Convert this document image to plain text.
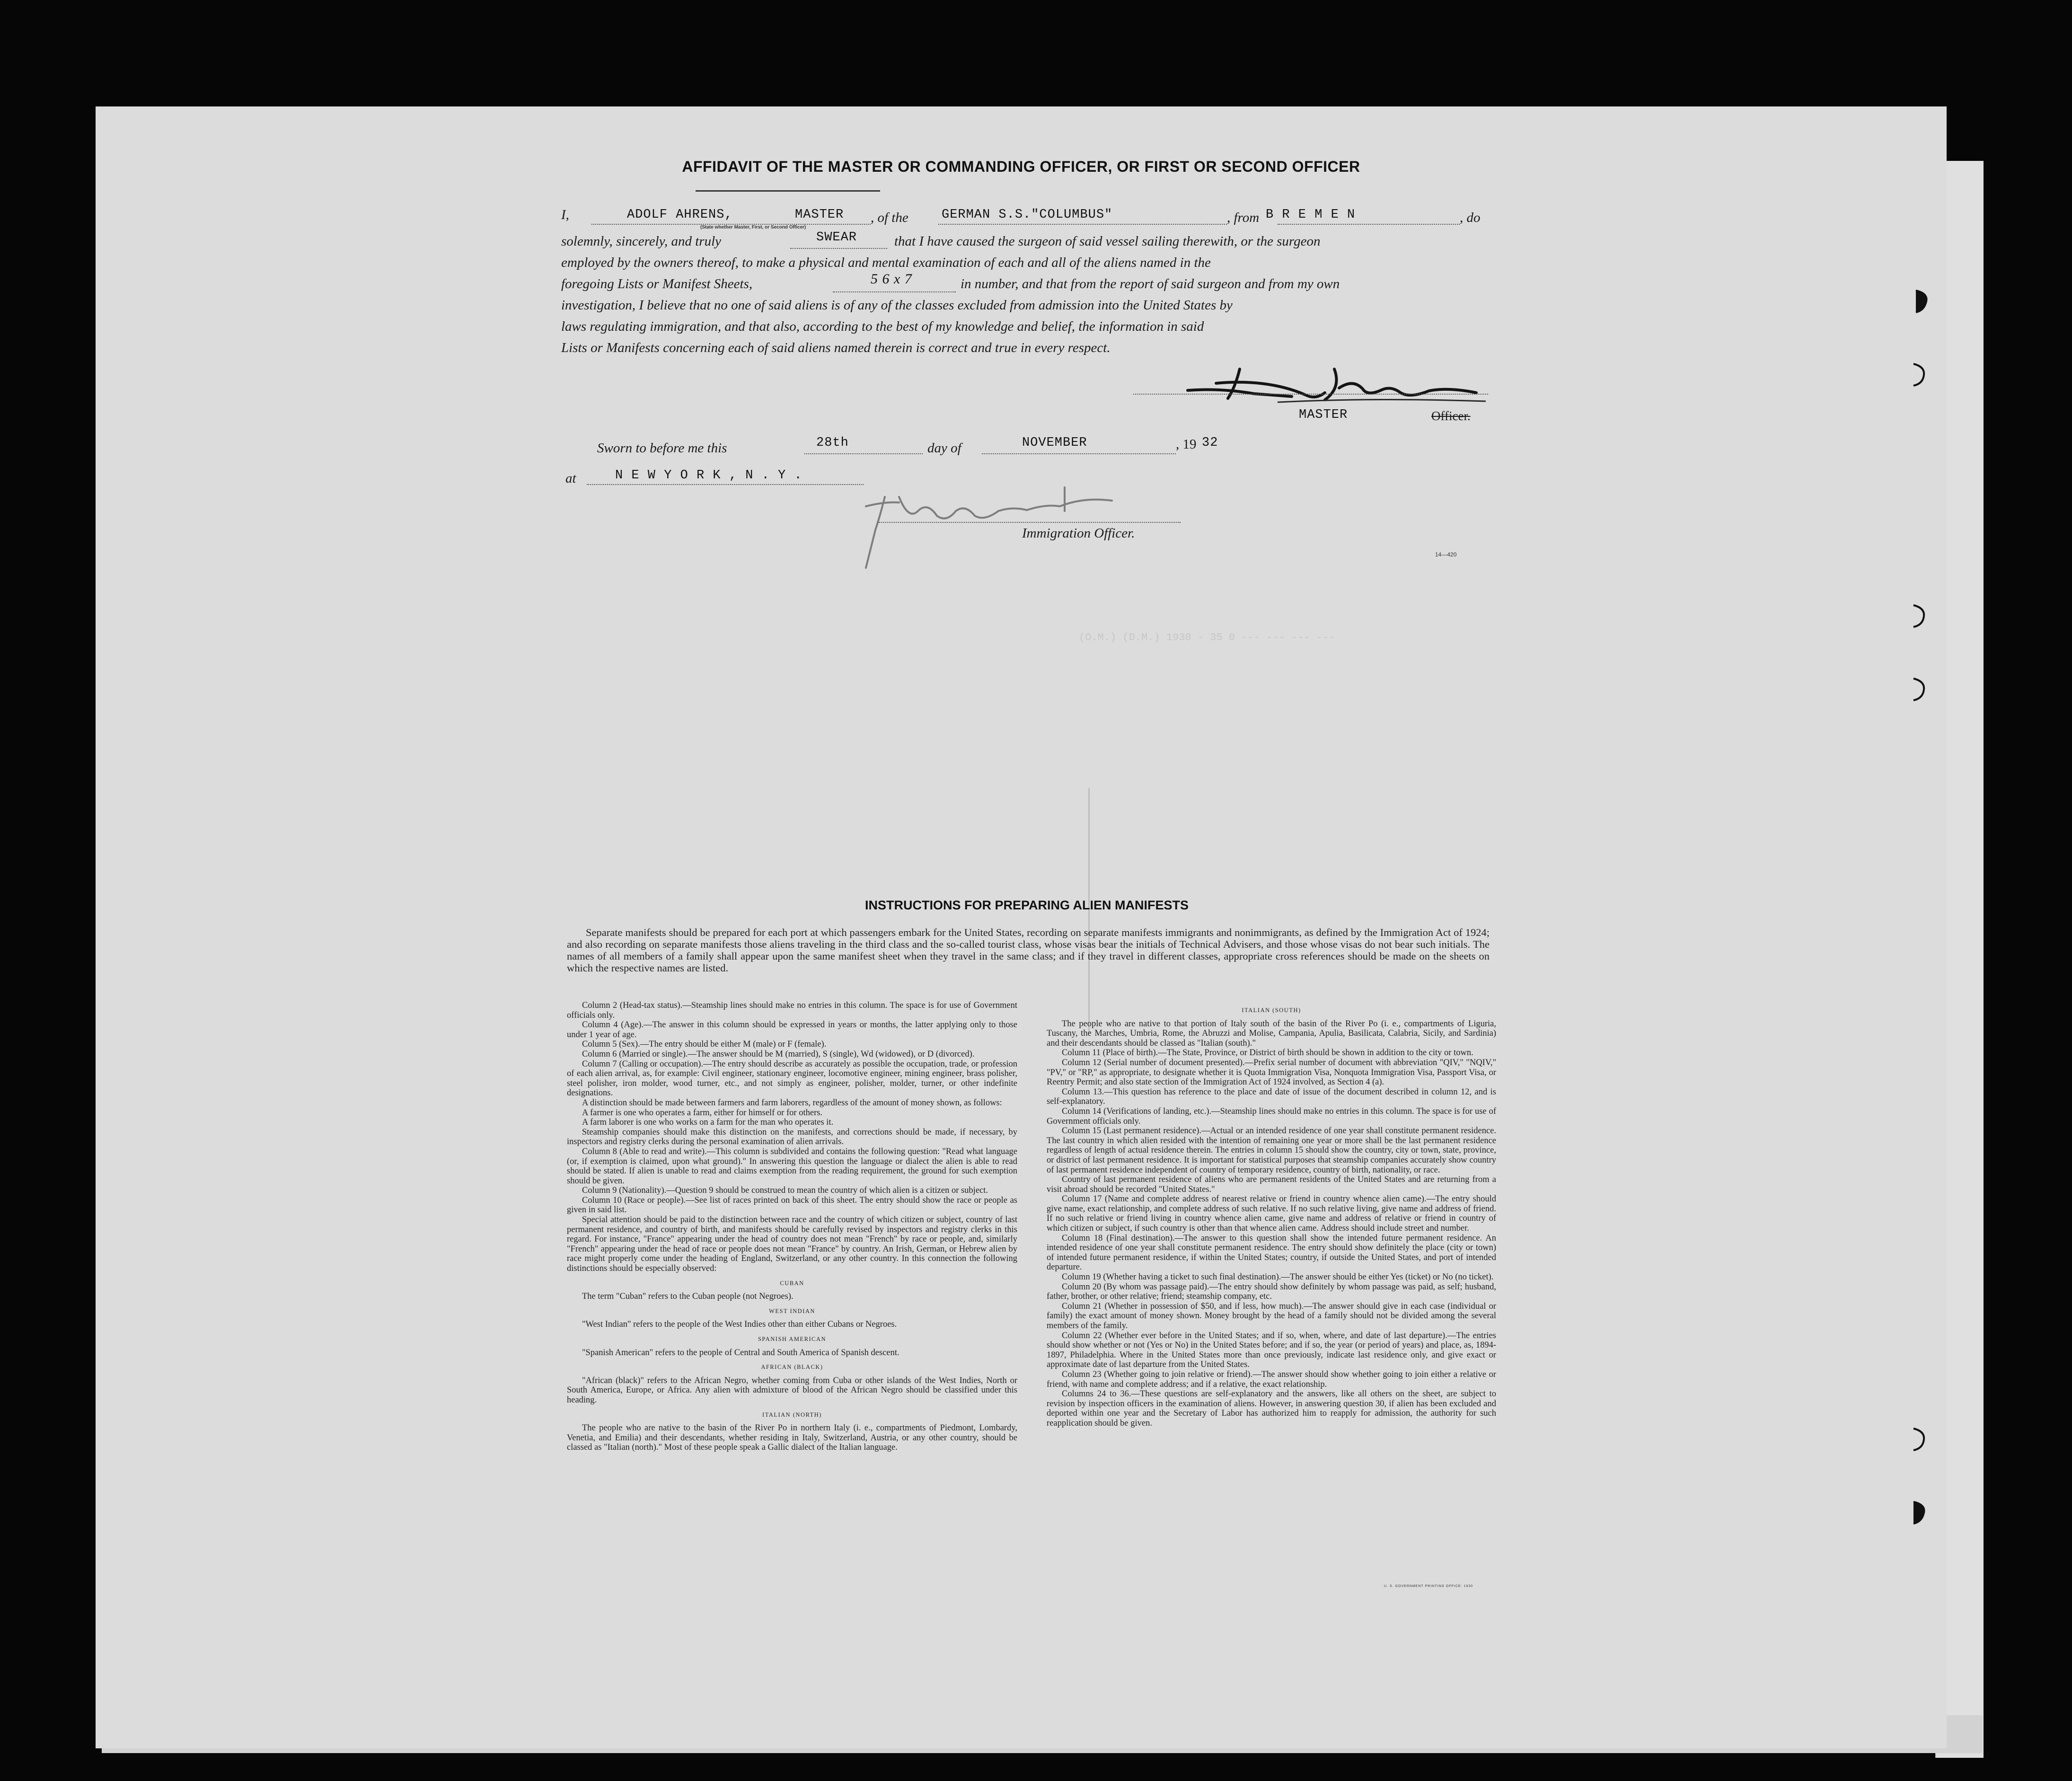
AFFIDAVIT OF THE MASTER OR COMMANDING OFFICER, OR FIRST OR SECOND OFFICER
I,	ADOLF AHRENS,	MASTER
(State whether Master, First, or Second Officer)
, of the	GERMAN S.S."COLUMBUS"	, from B R E M E N	, do
solemnly, sincerely, and truly	SWEAR	that I have caused the surgeon of said vessel sailing therewith, or the surgeon
employed by the owners thereof, to make a physical and mental examination of each and all of the aliens named in the
foregoing Lists or Manifest Sheets,	5 6 x 7	in number, and that from the report of said surgeon and from my own
investigation, I believe that no one of said aliens is of any of the classes excluded from admission into the United States by
laws regulating immigration, and that also, according to the best of my knowledge and belief, the information in said
Lists or Manifests concerning each of said aliens named therein is correct and true in every respect.
MASTER	Officer.
Sworn to before me this	28th	day of	NOVEMBER	, 19 32
at	N E W Y O R K , N . Y .
Immigration Officer.
14—420
(O.M.) (D.M.) 1930 - 35 0 --- --- --- ---
INSTRUCTIONS FOR PREPARING ALIEN MANIFESTS

Separate manifests should be prepared for each port at which passengers embark for the United States, recording on separate manifests immigrants and nonimmigrants, as defined by the Immigration Act of 1924; and also recording on separate manifests those aliens traveling in the third class and the so-called tourist class, whose visas bear the initials of Technical Advisers, and those whose visas do not bear such initials. The names of all members of a family shall appear upon the same manifest sheet when they travel in the same class; and if they travel in different classes, appropriate cross references should be made on the sheets on which the respective names are listed.

Column 2 (Head-tax status).—Steamship lines should make no entries in this column. The space is for use of Government officials only.

Column 4 (Age).—The answer in this column should be expressed in years or months, the latter applying only to those under 1 year of age.

Column 5 (Sex).—The entry should be either M (male) or F (female).

Column 6 (Married or single).—The answer should be M (married), S (single), Wd (widowed), or D (divorced).

Column 7 (Calling or occupation).—The entry should describe as accurately as possible the occupation, trade, or profession of each alien arrival, as, for example: Civil engineer, stationary engineer, locomotive engineer, mining engineer, brass polisher, steel polisher, iron molder, wood turner, etc., and not simply as engineer, polisher, molder, turner, or other indefinite designations.

A distinction should be made between farmers and farm laborers, regardless of the amount of money shown, as follows:

A farmer is one who operates a farm, either for himself or for others.

A farm laborer is one who works on a farm for the man who operates it.

Steamship companies should make this distinction on the manifests, and corrections should be made, if necessary, by inspectors and registry clerks during the personal examination of alien arrivals.

Column 8 (Able to read and write).—This column is subdivided and contains the following question: "Read what language (or, if exemption is claimed, upon what ground)." In answering this question the language or dialect the alien is able to read should be stated. If alien is unable to read and claims exemption from the reading requirement, the ground for such exemption should be given.

Column 9 (Nationality).—Question 9 should be construed to mean the country of which alien is a citizen or subject.

Column 10 (Race or people).—See list of races printed on back of this sheet. The entry should show the race or people as given in said list.

Special attention should be paid to the distinction between race and the country of which citizen or subject, country of last permanent residence, and country of birth, and manifests should be carefully revised by inspectors and registry clerks in this regard. For instance, "France" appearing under the head of country does not mean "French" by race or people, and, similarly "French" appearing under the head of race or people does not mean "France" by country. An Irish, German, or Hebrew alien by race might properly come under the heading of England, Switzerland, or any other country. In this connection the following distinctions should be especially observed:

CUBAN

The term "Cuban" refers to the Cuban people (not Negroes).

WEST INDIAN

"West Indian" refers to the people of the West Indies other than either Cubans or Negroes.

SPANISH AMERICAN

"Spanish American" refers to the people of Central and South America of Spanish descent.

AFRICAN (BLACK)

"African (black)" refers to the African Negro, whether coming from Cuba or other islands of the West Indies, North or South America, Europe, or Africa. Any alien with admixture of blood of the African Negro should be classified under this heading.

ITALIAN (NORTH)

The people who are native to the basin of the River Po in northern Italy (i. e., compartments of Piedmont, Lombardy, Venetia, and Emilia) and their descendants, whether residing in Italy, Switzerland, Austria, or any other country, should be classed as "Italian (north)." Most of these people speak a Gallic dialect of the Italian language.

ITALIAN (SOUTH)

The people who are native to that portion of Italy south of the basin of the River Po (i. e., compartments of Liguria, Tuscany, the Marches, Umbria, Rome, the Abruzzi and Molise, Campania, Apulia, Basilicata, Calabria, Sicily, and Sardinia) and their descendants should be classed as "Italian (south)."

Column 11 (Place of birth).—The State, Province, or District of birth should be shown in addition to the city or town.

Column 12 (Serial number of document presented).—Prefix serial number of document with abbreviation "QIV," "NQIV," "PV," or "RP," as appropriate, to designate whether it is Quota Immigration Visa, Nonquota Immigration Visa, Passport Visa, or Reentry Permit; and also state section of the Immigration Act of 1924 involved, as Section 4 (a).

Column 13.—This question has reference to the place and date of issue of the document described in column 12, and is self-explanatory.

Column 14 (Verifications of landing, etc.).—Steamship lines should make no entries in this column. The space is for use of Government officials only.

Column 15 (Last permanent residence).—Actual or an intended residence of one year shall constitute permanent residence. The last country in which alien resided with the intention of remaining one year or more shall be the last permanent residence regardless of length of actual residence therein. The entries in column 15 should show the country, city or town, state, province, or district of last permanent residence. It is important for statistical purposes that steamship companies accurately show country of last permanent residence independent of country of temporary residence, country of birth, nationality, or race.

Country of last permanent residence of aliens who are permanent residents of the United States and are returning from a visit abroad should be recorded "United States."

Column 17 (Name and complete address of nearest relative or friend in country whence alien came).—The entry should give name, exact relationship, and complete address of such relative. If no such relative living, give name and address of friend. If no such relative or friend living in country whence alien came, give name and address of relative or friend in country of which citizen or subject, if such country is other than that whence alien came. Address should include street and number.

Column 18 (Final destination).—The answer to this question shall show the intended future permanent residence. An intended residence of one year shall constitute permanent residence. The entry should show definitely the place (city or town) of intended future permanent residence, if within the United States; country, if outside the United States, and port of intended departure.

Column 19 (Whether having a ticket to such final destination).—The answer should be either Yes (ticket) or No (no ticket).

Column 20 (By whom was passage paid).—The entry should show definitely by whom passage was paid, as self; husband, father, brother, or other relative; friend; steamship company, etc.

Column 21 (Whether in possession of $50, and if less, how much).—The answer should give in each case (individual or family) the exact amount of money shown. Money brought by the head of a family should not be divided among the several members of the family.

Column 22 (Whether ever before in the United States; and if so, when, where, and date of last departure).—The entries should show whether or not (Yes or No) in the United States before; and if so, the year (or period of years) and place, as, 1894-1897, Philadelphia. Where in the United States more than once previously, indicate last residence only, and give exact or approximate date of last departure from the United States.

Column 23 (Whether going to join relative or friend).—The answer should show whether going to join either a relative or friend, with name and complete address; and if a relative, the exact relationship.

Columns 24 to 36.—These questions are self-explanatory and the answers, like all others on the sheet, are subject to revision by inspection officers in the examination of aliens. However, in answering question 30, if alien has been excluded and deported within one year and the Secretary of Labor has authorized him to reapply for admission, the authority for such reapplication should be given.

U. S. GOVERNMENT PRINTING OFFICE: 1930
